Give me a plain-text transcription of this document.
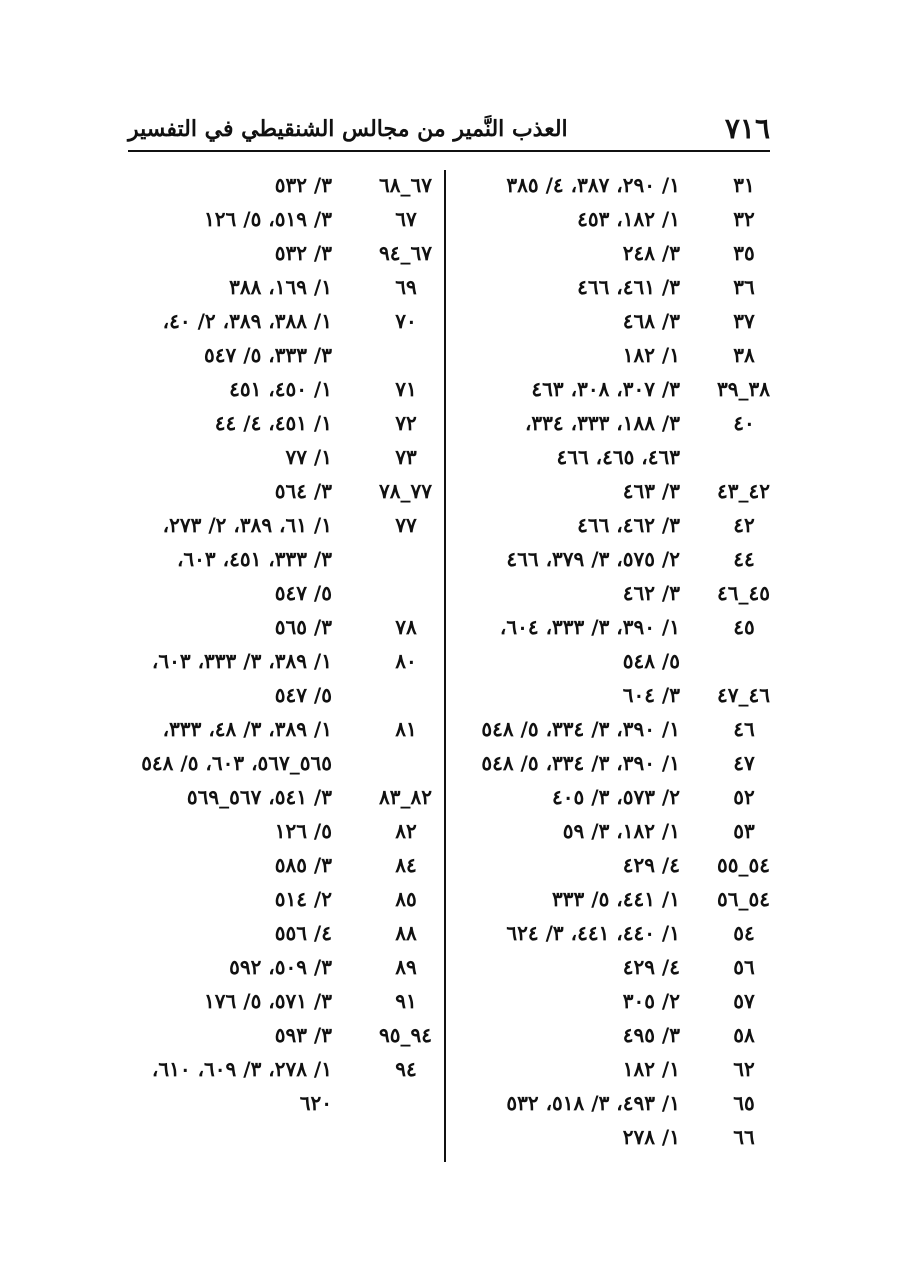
٧١٦
العذب النَّمير من مجالس الشنقيطي في التفسير
٣١
١/ ٢٩٠، ٣٨٧، ٤/ ٣٨٥
٣٢
١/ ١٨٢، ٤٥٣
٣٥
٣/ ٢٤٨
٣٦
٣/ ٤٦١، ٤٦٦
٣٧
٣/ ٤٦٨
٣٨
١/ ١٨٢
٣٨_٣٩
٣/ ٣٠٧، ٣٠٨، ٤٦٣
٤٠
٣/ ١٨٨، ٣٣٣، ٣٣٤،
٤٦٣، ٤٦٥، ٤٦٦
٤٢_٤٣
٣/ ٤٦٣
٤٢
٣/ ٤٦٢، ٤٦٦
٤٤
٢/ ٥٧٥، ٣/ ٣٧٩، ٤٦٦
٤٥_٤٦
٣/ ٤٦٢
٤٥
١/ ٣٩٠، ٣/ ٣٣٣، ٦٠٤،
٥/ ٥٤٨
٤٦_٤٧
٣/ ٦٠٤
٤٦
١/ ٣٩٠، ٣/ ٣٣٤، ٥/ ٥٤٨
٤٧
١/ ٣٩٠، ٣/ ٣٣٤، ٥/ ٥٤٨
٥٢
٢/ ٥٧٣، ٣/ ٤٠٥
٥٣
١/ ١٨٢، ٣/ ٥٩
٥٤_٥٥
٤/ ٤٢٩
٥٤_٥٦
١/ ٤٤١، ٥/ ٣٣٣
٥٤
١/ ٤٤٠، ٤٤١، ٣/ ٦٢٤
٥٦
٤/ ٤٢٩
٥٧
٢/ ٣٠٥
٥٨
٣/ ٤٩٥
٦٢
١/ ١٨٢
٦٥
١/ ٤٩٣، ٣/ ٥١٨، ٥٣٢
٦٦
١/ ٢٧٨
٦٧_٦٨
٣/ ٥٣٢
٦٧
٣/ ٥١٩، ٥/ ١٢٦
٦٧_٩٤
٣/ ٥٣٢
٦٩
١/ ١٦٩، ٣٨٨
٧٠
١/ ٣٨٨، ٣٨٩، ٢/ ٤٠،
٣/ ٣٣٣، ٥/ ٥٤٧
٧١
١/ ٤٥٠، ٤٥١
٧٢
١/ ٤٥١، ٤/ ٤٤
٧٣
١/ ٧٧
٧٧_٧٨
٣/ ٥٦٤
٧٧
١/ ٦١، ٣٨٩، ٢/ ٢٧٣،
٣/ ٣٣٣، ٤٥١، ٦٠٣،
٥/ ٥٤٧
٧٨
٣/ ٥٦٥
٨٠
١/ ٣٨٩، ٣/ ٣٣٣، ٦٠٣،
٥/ ٥٤٧
٨١
١/ ٣٨٩، ٣/ ٤٨، ٣٣٣،
٥٦٥_٥٦٧، ٦٠٣، ٥/ ٥٤٨
٨٢_٨٣
٣/ ٥٤١، ٥٦٧_٥٦٩
٨٢
٥/ ١٢٦
٨٤
٣/ ٥٨٥
٨٥
٢/ ٥١٤
٨٨
٤/ ٥٥٦
٨٩
٣/ ٥٠٩، ٥٩٢
٩١
٣/ ٥٧١، ٥/ ١٧٦
٩٤_٩٥
٣/ ٥٩٣
٩٤
١/ ٢٧٨، ٣/ ٦٠٩، ٦١٠،
٦٢٠
